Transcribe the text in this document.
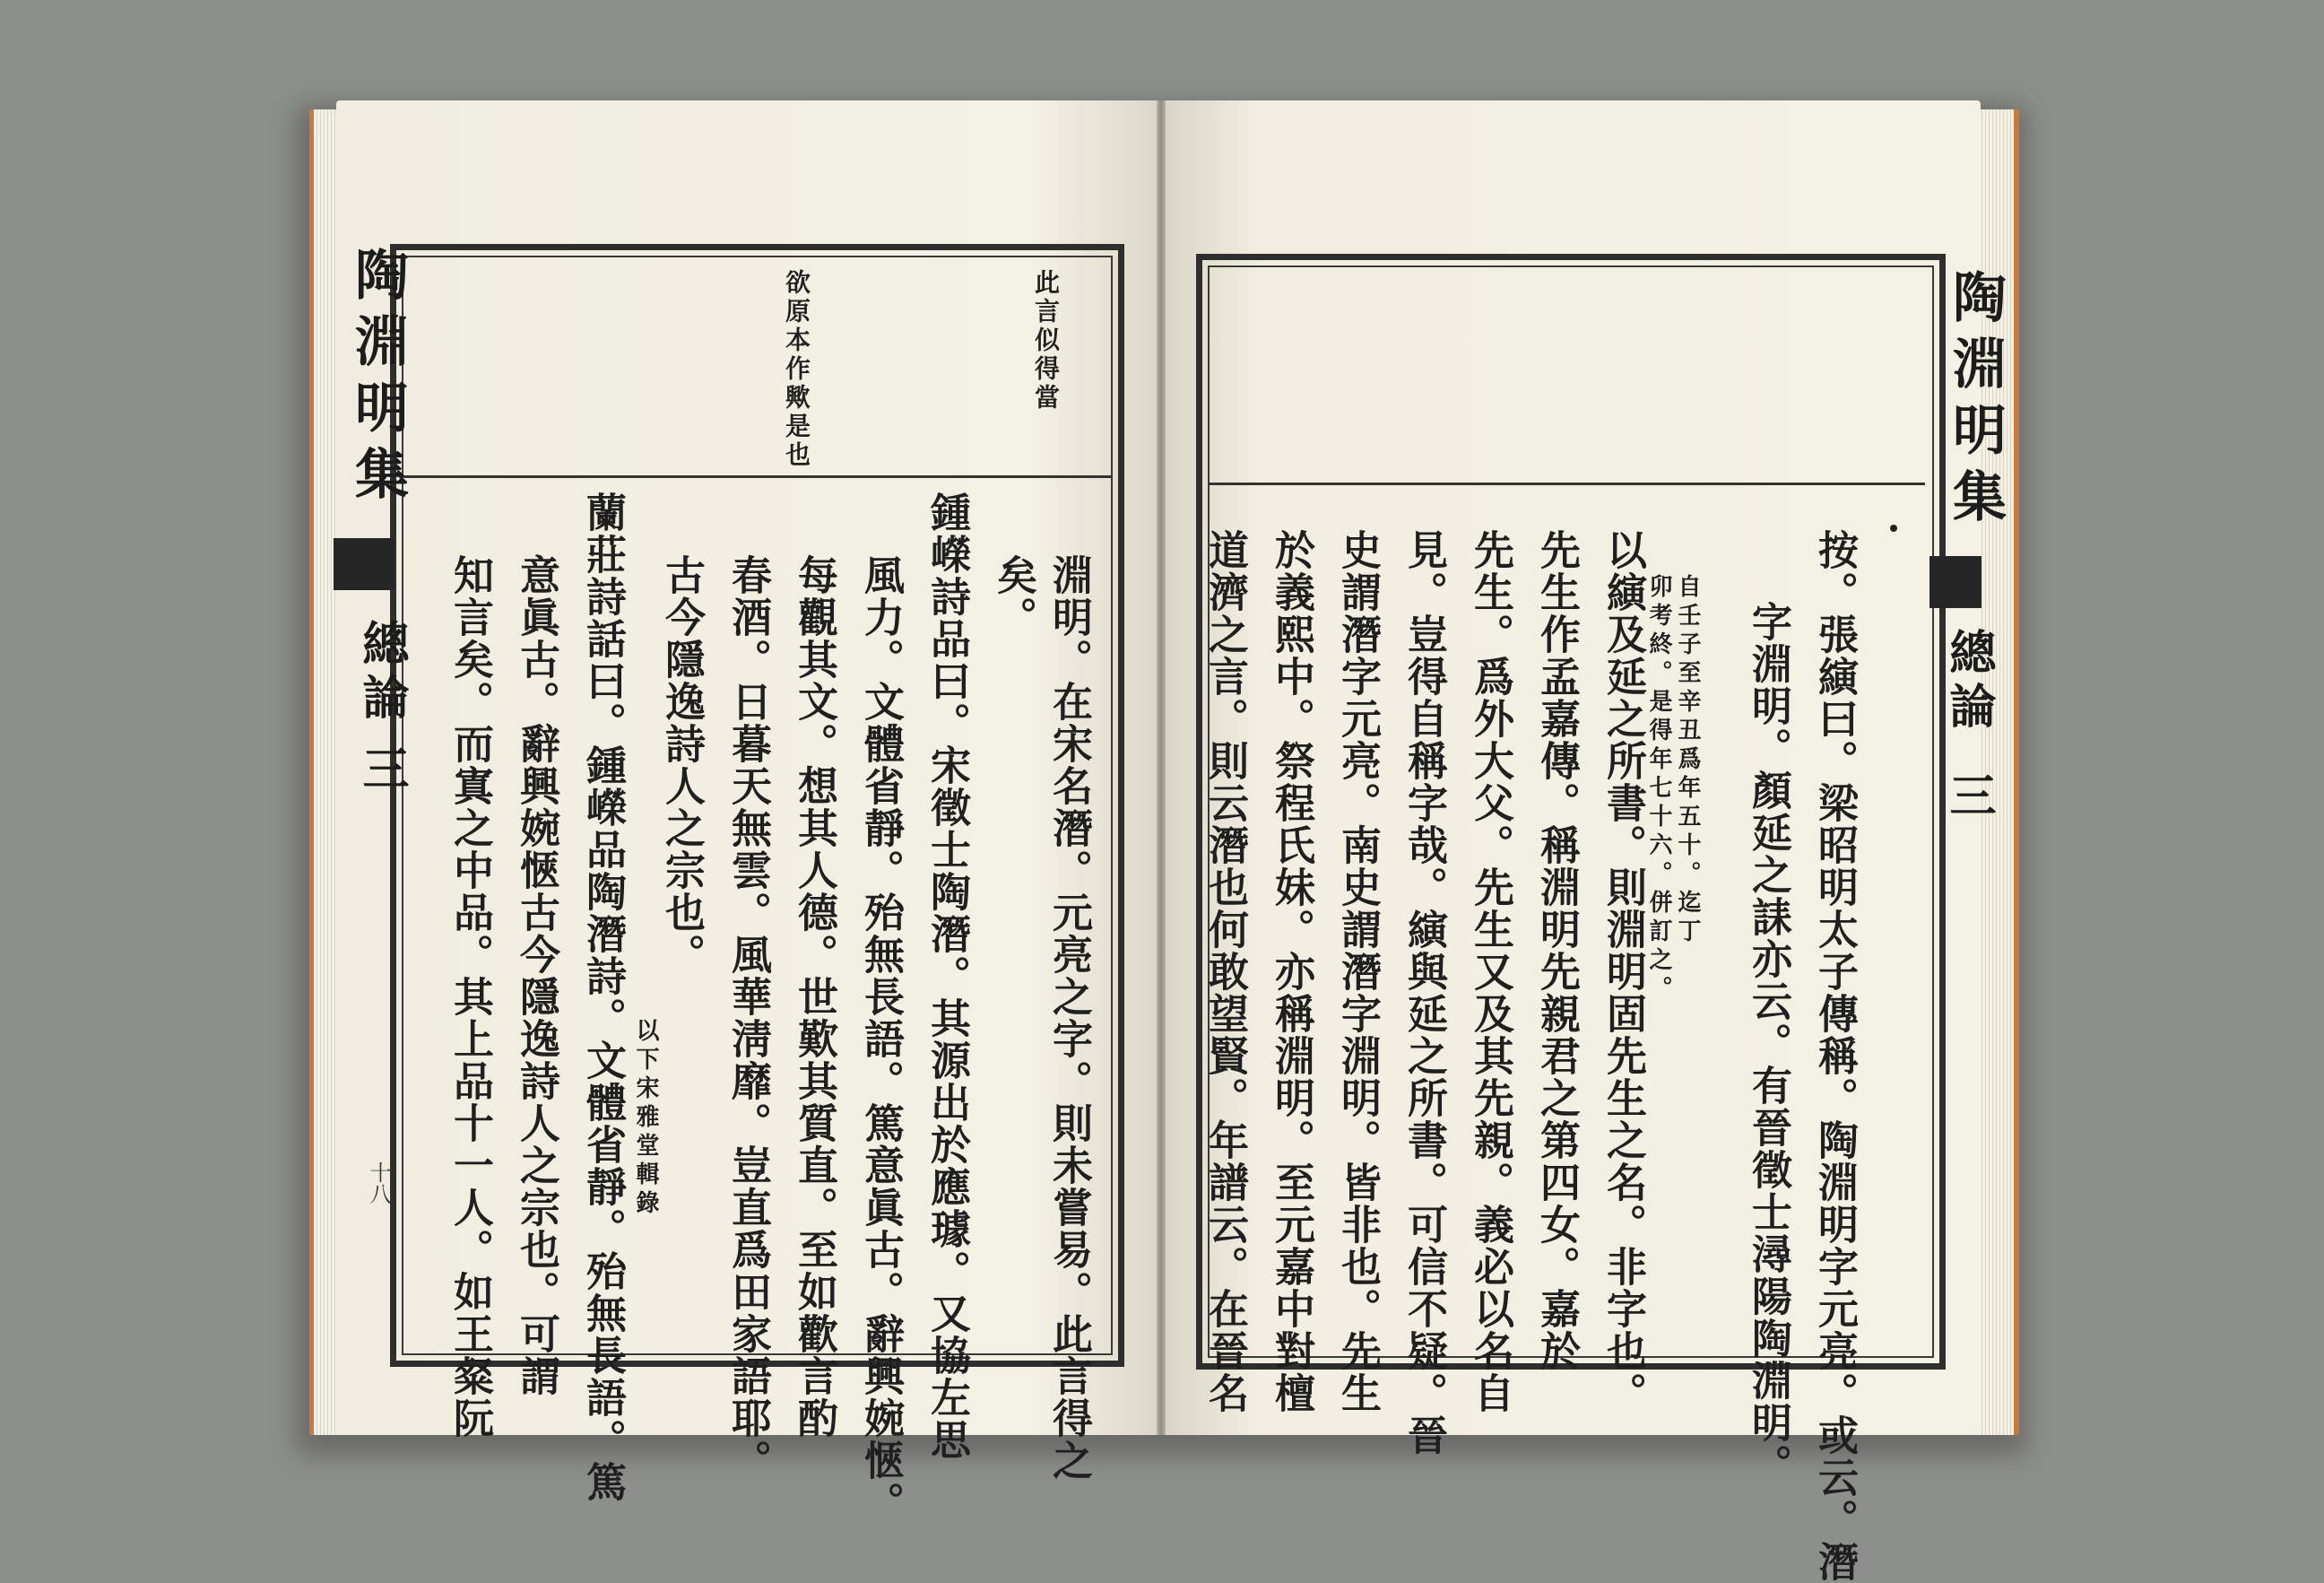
陶淵明集
總論
三
此言似得當
欲原本作歟是也
淵明。在宋名潛。元亮之字。則未嘗易。此言得之
矣。
鍾嶸詩品曰。宋徵士陶潛。其源出於應璩。又協左思
風力。文體省靜。殆無長語。篤意眞古。辭興婉愜。
每觀其文。想其人德。世歎其質直。至如歡言酌
春酒。日暮天無雲。風華淸靡。豈直爲田家語耶。
古今隱逸詩人之宗也。
以下宋雅堂輯錄
蘭莊詩話曰。鍾嶸品陶潛詩。文體省靜。殆無長語。篤
意眞古。辭興婉愜古今隱逸詩人之宗也。可謂
知言矣。而寘之中品。其上品十一人。如王粲阮
十八
陶淵明集
總論
三
按。張縯曰。梁昭明太子傳稱。陶淵明字元亮。或云。潛
字淵明。顏延之誄亦云。有晉徵士潯陽陶淵明。
以縯及延之所書。則淵明固先生之名。非字也。
先生作孟嘉傳。稱淵明先親君之第四女。嘉於
先生。爲外大父。先生又及其先親。義必以名自
見。豈得自稱字哉。縯與延之所書。可信不疑。晉
史謂潛字元亮。南史謂潛字淵明。皆非也。先生
於義熙中。祭程氏妹。亦稱淵明。至元嘉中對檀
道濟之言。則云潛也何敢望賢。年譜云。在晉名	自壬子至辛丑爲年五十。迄丁
卯考終。是得年七十六。併訂之。
